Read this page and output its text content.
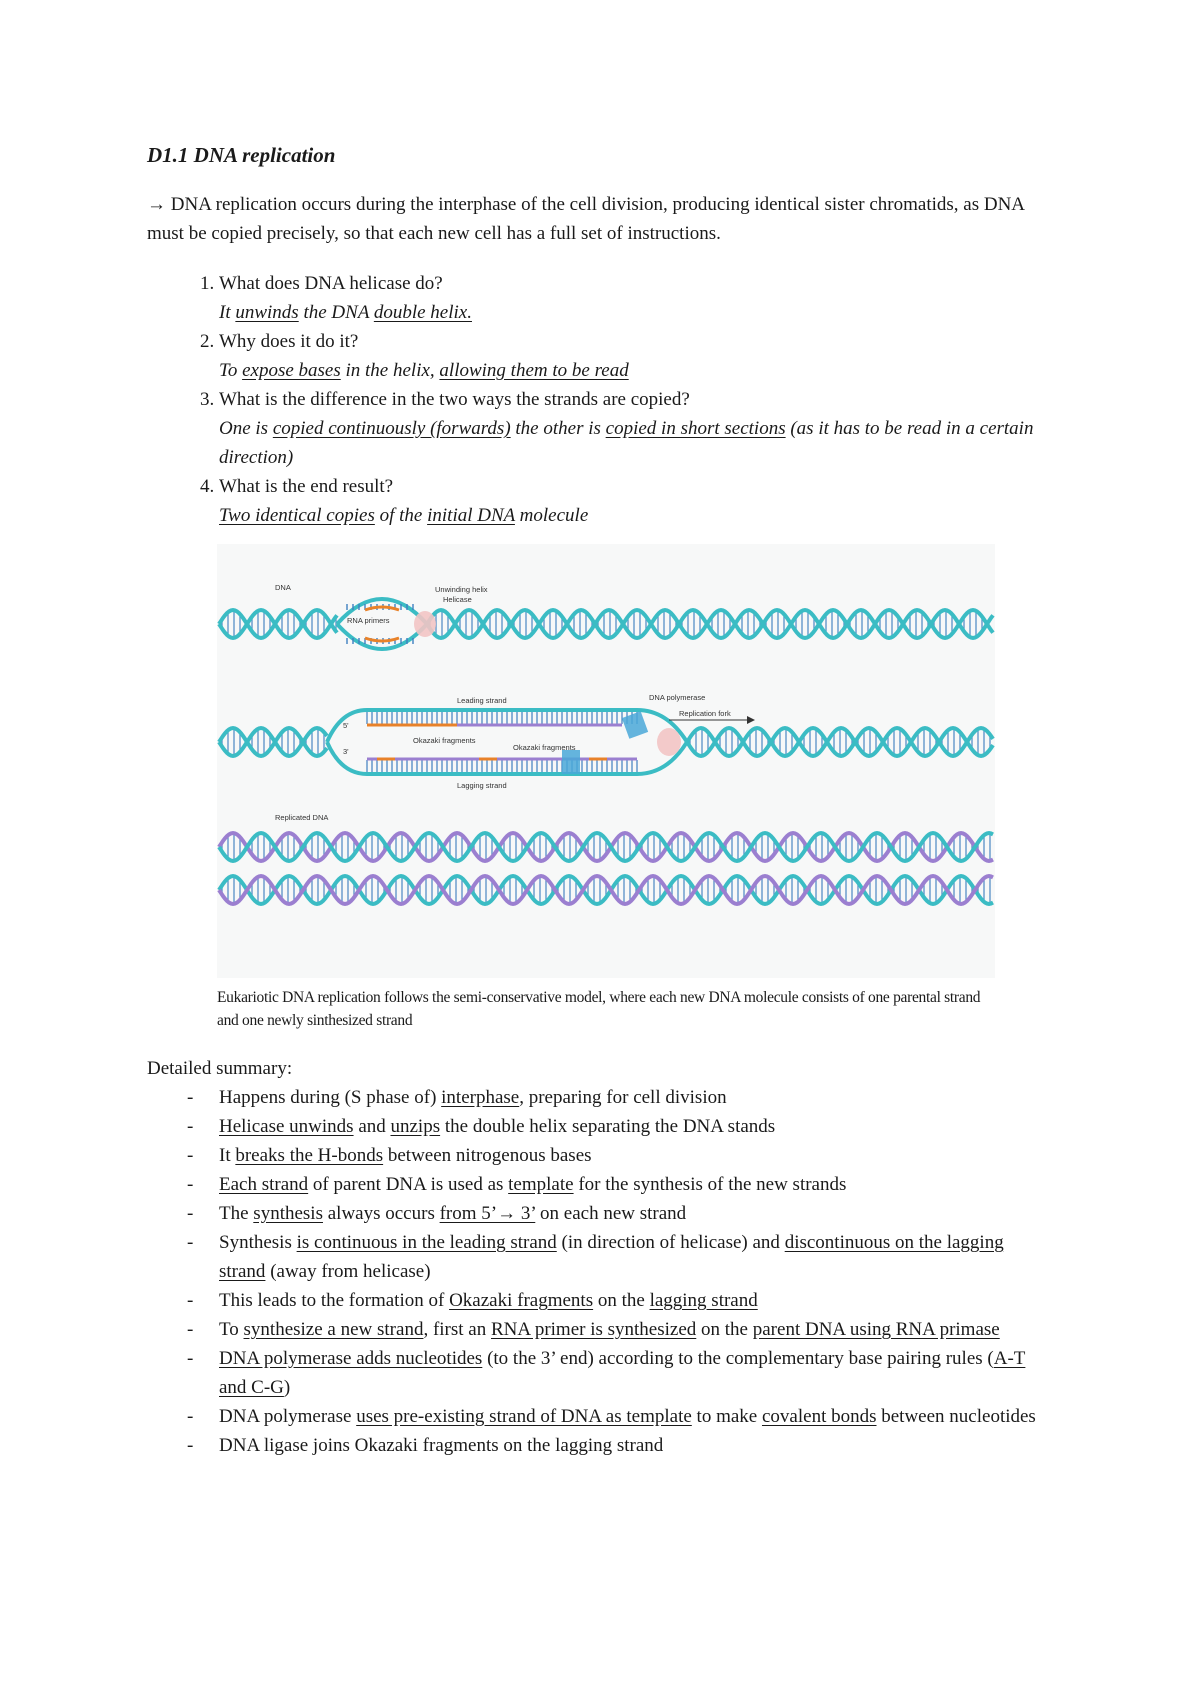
D1.1 DNA replication

→ DNA replication occurs during the interphase of the cell division, producing identical sister chromatids, as DNA must be copied precisely, so that each new cell has a full set of instructions.

1. What does DNA helicase do?
It unwinds the DNA double helix.
2. Why does it do it?
To expose bases in the helix, allowing them to be read
3. What is the difference in the two ways the strands are copied?
One is copied continuously (forwards) the other is copied in short sections (as it has to be read in a certain direction)
4. What is the end result?
Two identical copies of the initial DNA molecule
DNA	Unwinding helix
Helicase
RNA primers
Leading strand	DNA polymerase
Replication fork
Okazaki fragments
Okazaki fragments
Lagging strand
Replicated DNA
5'
3'
Eukariotic DNA replication follows the semi-conservative model, where each new DNA molecule consists of one parental strand and one newly sinthesized strand
Detailed summary:
- Happens during (S phase of) interphase, preparing for cell division
- Helicase unwinds and unzips the double helix separating the DNA stands
- It breaks the H-bonds between nitrogenous bases
- Each strand of parent DNA is used as template for the synthesis of the new strands
- The synthesis always occurs from 5’→ 3’ on each new strand
- Synthesis is continuous in the leading strand (in direction of helicase) and discontinuous on the lagging strand (away from helicase)
- This leads to the formation of Okazaki fragments on the lagging strand
- To synthesize a new strand, first an RNA primer is synthesized on the parent DNA using RNA primase
- DNA polymerase adds nucleotides (to the 3’ end) according to the complementary base pairing rules (A-T and C-G)
- DNA polymerase uses pre-existing strand of DNA as template to make covalent bonds between nucleotides
- DNA ligase joins Okazaki fragments on the lagging strand
